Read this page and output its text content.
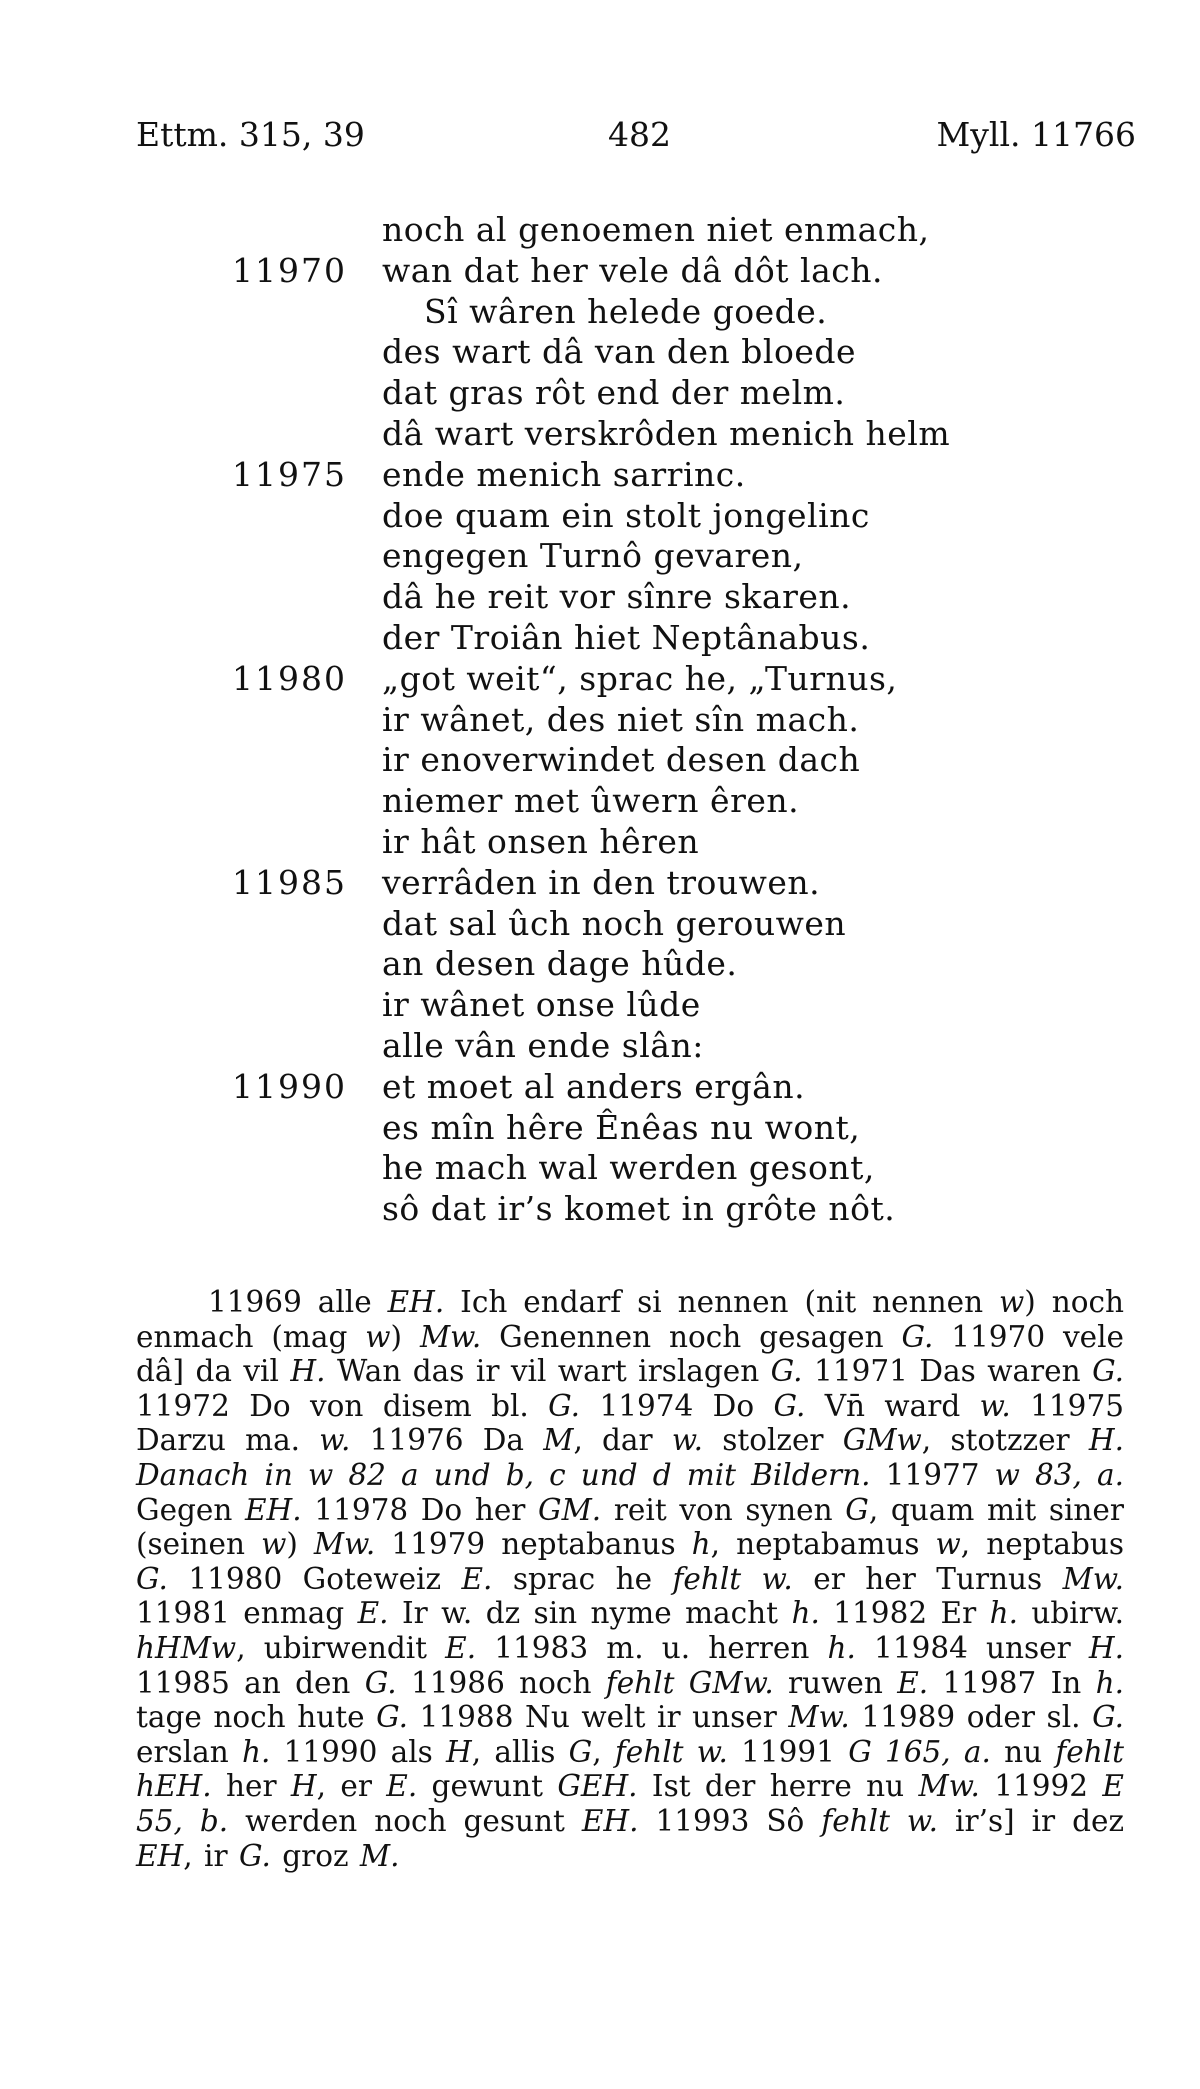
Ettm. 315, 39	482	Myll. 11766
noch al genoemen niet enmach,
11970 wan dat her vele dâ dôt lach.
Sî wâren helede goede.
des wart dâ van den bloede
dat gras rôt end der melm.
dâ wart verskrôden menich helm
11975 ende menich sarrinc.
doe quam ein stolt jongelinc
engegen Turnô gevaren,
dâ he reit vor sînre skaren.
der Troiân hiet Neptânabus.
11980 „got weit“, sprac he, „Turnus,
ir wânet, des niet sîn mach.
ir enoverwindet desen dach
niemer met ûwern êren.
ir hât onsen hêren
11985 verrâden in den trouwen.
dat sal ûch noch gerouwen
an desen dage hûde.
ir wânet onse lûde
alle vân ende slân:
11990 et moet al anders ergân.
es mîn hêre Ênêas nu wont,
he mach wal werden gesont,
sô dat ir’s komet in grôte nôt.

11969 alle EH. Ich endarf si nennen (nit nennen w) noch enmach (mag w) Mw. Genennen noch gesagen G. 11970 vele dâ] da vil H. Wan das ir vil wart irslagen G. 11971 Das waren G. 11972 Do von disem bl. G. 11974 Do G. Vn̄ ward w. 11975 Darzu ma. w. 11976 Da M, dar w. stolzer GMw, stotzzer H. Danach in w 82 a und b, c und d mit Bildern. 11977 w 83, a. Gegen EH. 11978 Do her GM. reit von synen G, quam mit siner (seinen w) Mw. 11979 neptabanus h, neptabamus w, neptabus G. 11980 Goteweiz E. sprac he fehlt w. er her Turnus Mw. 11981 enmag E. Ir w. dz sin nyme macht h. 11982 Er h. ubirw. hHMw, ubirwendit E. 11983 m. u. herren h. 11984 unser H. 11985 an den G. 11986 noch fehlt GMw. ruwen E. 11987 In h. tage noch hute G. 11988 Nu welt ir unser Mw. 11989 oder sl. G. erslan h. 11990 als H, allis G, fehlt w. 11991 G 165, a. nu fehlt hEH. her H, er E. gewunt GEH. Ist der herre nu Mw. 11992 E 55, b. werden noch gesunt EH. 11993 Sô fehlt w. ir’s] ir dez EH, ir G. groz M.
